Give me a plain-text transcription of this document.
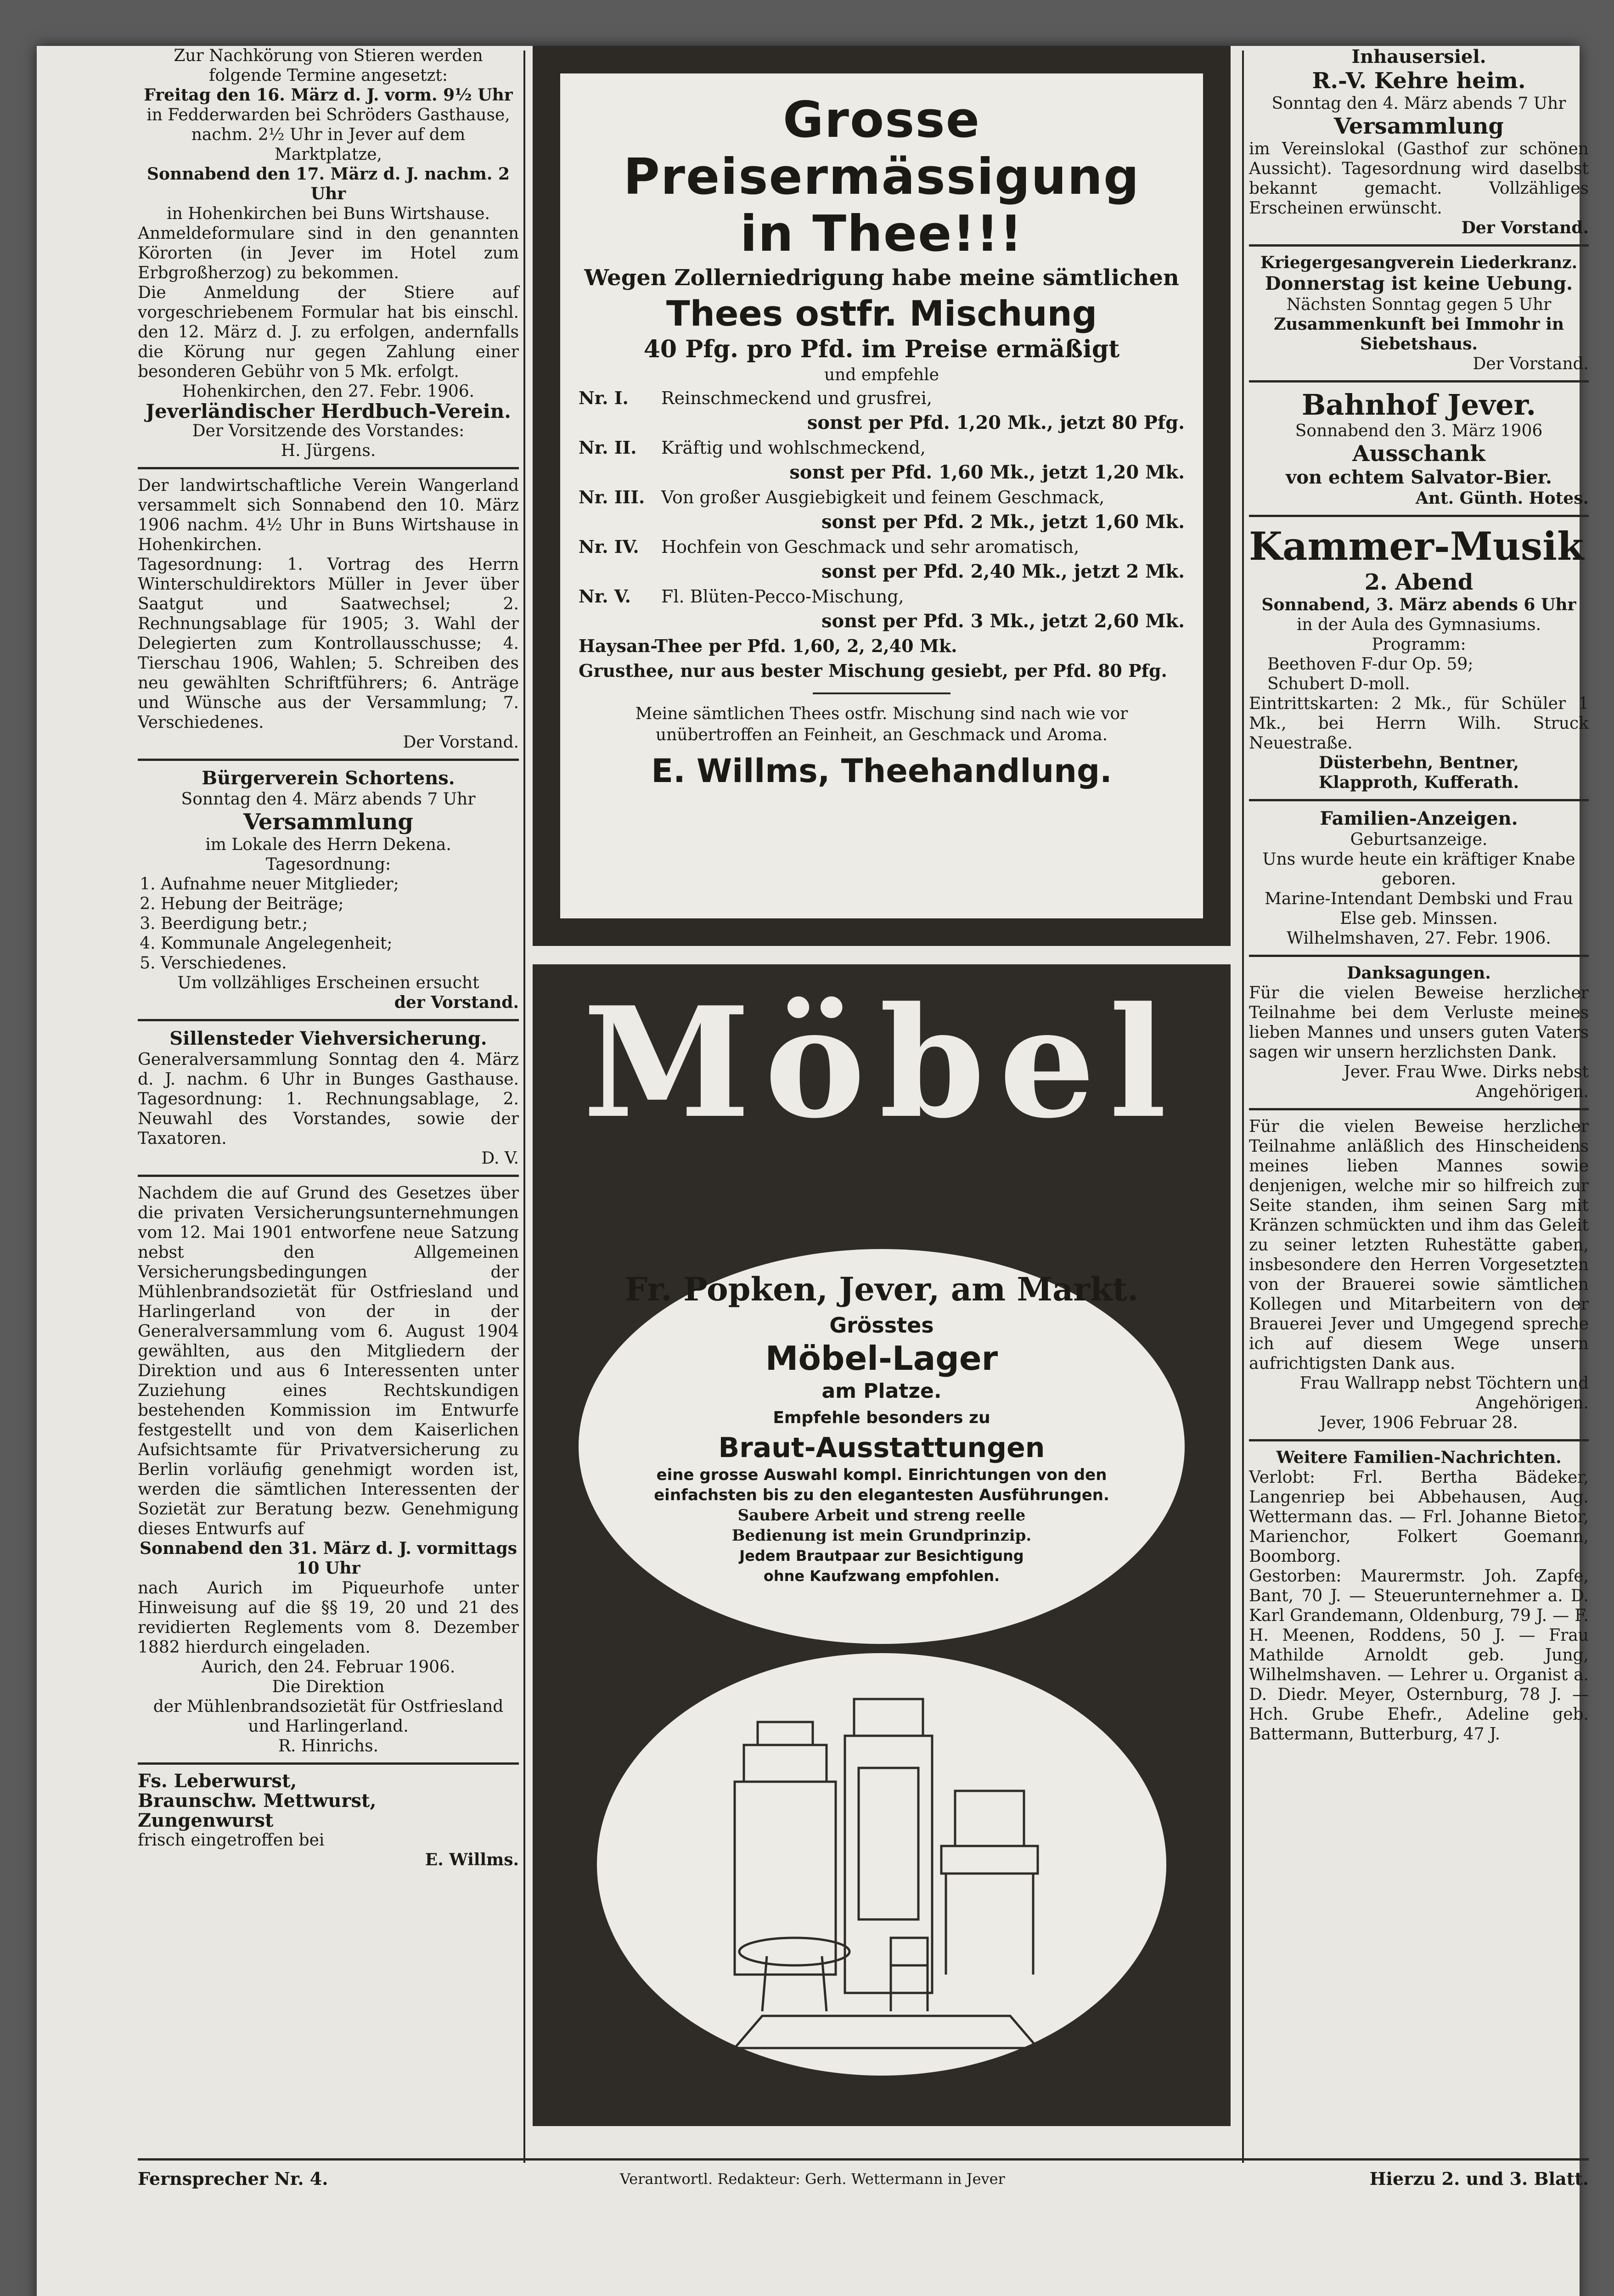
Zur Nachkörung von Stieren werden folgende Termine angesetzt:

Freitag den 16. März d. J. vorm. 9½ Uhr

in Fedderwarden bei Schröders Gasthause, nachm. 2½ Uhr in Jever auf dem Marktplatze,

Sonnabend den 17. März d. J. nachm. 2 Uhr

in Hohenkirchen bei Buns Wirtshause.

Anmeldeformulare sind in den genannten Körorten (in Jever im Hotel zum Erbgroßherzog) zu bekommen.

Die Anmeldung der Stiere auf vorgeschriebenem Formular hat bis einschl. den 12. März d. J. zu erfolgen, andernfalls die Körung nur gegen Zahlung einer besonderen Gebühr von 5 Mk. erfolgt.

Hohenkirchen, den 27. Febr. 1906.

Jeverländischer Herdbuch-Verein.

Der Vorsitzende des Vorstandes:

H. Jürgens.

Der landwirtschaftliche Verein Wangerland versammelt sich Sonnabend den 10. März 1906 nachm. 4½ Uhr in Buns Wirtshause in Hohenkirchen.

Tagesordnung: 1. Vortrag des Herrn Winterschuldirektors Müller in Jever über Saatgut und Saatwechsel; 2. Rechnungsablage für 1905; 3. Wahl der Delegierten zum Kontrollausschusse; 4. Tierschau 1906, Wahlen; 5. Schreiben des neu gewählten Schriftführers; 6. Anträge und Wünsche aus der Versammlung; 7. Verschiedenes.

Der Vorstand.

Bürgerverein Schortens.

Sonntag den 4. März abends 7 Uhr

Versammlung

im Lokale des Herrn Dekena.

Tagesordnung:

1. Aufnahme neuer Mitglieder;
2. Hebung der Beiträge;
3. Beerdigung betr.;
4. Kommunale Angelegenheit;
5. Verschiedenes.

Um vollzähliges Erscheinen ersucht

der Vorstand.

Sillensteder Viehversicherung.

Generalversammlung Sonntag den 4. März d. J. nachm. 6 Uhr in Bunges Gasthause. Tagesordnung: 1. Rechnungsablage, 2. Neuwahl des Vorstandes, sowie der Taxatoren.

D. V.

Nachdem die auf Grund des Gesetzes über die privaten Versicherungsunternehmungen vom 12. Mai 1901 entworfene neue Satzung nebst den Allgemeinen Versicherungsbedingungen der Mühlenbrandsozietät für Ostfriesland und Harlingerland von der in der Generalversammlung vom 6. August 1904 gewählten, aus den Mitgliedern der Direktion und aus 6 Interessenten unter Zuziehung eines Rechtskundigen bestehenden Kommission im Entwurfe festgestellt und von dem Kaiserlichen Aufsichtsamte für Privatversicherung zu Berlin vorläufig genehmigt worden ist, werden die sämtlichen Interessenten der Sozietät zur Beratung bezw. Genehmigung dieses Entwurfs auf

Sonnabend den 31. März d. J. vormittags 10 Uhr

nach Aurich im Piqueurhofe unter Hinweisung auf die §§ 19, 20 und 21 des revidierten Reglements vom 8. Dezember 1882 hierdurch eingeladen.

Aurich, den 24. Februar 1906.

Die Direktion

der Mühlenbrandsozietät für Ostfriesland und Harlingerland.

R. Hinrichs.

Fs. Leberwurst,

Braunschw. Mettwurst,

Zungenwurst

frisch eingetroffen bei

E. Willms.

Grosse Preisermässigung

in Thee!!!

Wegen Zollerniedrigung habe meine sämtlichen

Thees ostfr. Mischung

40 Pfg. pro Pfd. im Preise ermäßigt

und empfehle

Nr. I.	Reinschmeckend und grusfrei,

sonst per Pfd. 1,20 Mk., jetzt 80 Pfg.

Nr. II.	Kräftig und wohlschmeckend,

sonst per Pfd. 1,60 Mk., jetzt 1,20 Mk.

Nr. III. Von großer Ausgiebigkeit und feinem Geschmack,

sonst per Pfd. 2 Mk., jetzt 1,60 Mk.

Nr. IV.	Hochfein von Geschmack und sehr aromatisch,

sonst per Pfd. 2,40 Mk., jetzt 2 Mk.

Nr. V.	Fl. Blüten-Pecco-Mischung,

sonst per Pfd. 3 Mk., jetzt 2,60 Mk.

Haysan-Thee per Pfd. 1,60, 2, 2,40 Mk.

Grusthee, nur aus bester Mischung gesiebt, per Pfd. 80 Pfg.

Meine sämtlichen Thees ostfr. Mischung sind nach wie vor unübertroffen an Feinheit, an Geschmack und Aroma.

E. Willms, Theehandlung.

Möbel

Fr. Popken, Jever, am Markt.

Grösstes

Möbel-Lager

am Platze.

Empfehle besonders zu

Braut-Ausstattungen

eine grosse Auswahl kompl. Einrichtungen von den einfachsten bis zu den elegantesten Ausführungen.

Saubere Arbeit und streng reelle Bedienung ist mein Grundprinzip.

Jedem Brautpaar zur Besichtigung ohne Kaufzwang empfohlen.

Inhausersiel.

R.-V. Kehre heim.

Sonntag den 4. März abends 7 Uhr

Versammlung

im Vereinslokal (Gasthof zur schönen Aussicht). Tagesordnung wird daselbst bekannt gemacht. Vollzähliges Erscheinen erwünscht.

Der Vorstand.

Kriegergesangverein Liederkranz.

Donnerstag ist keine Uebung.

Nächsten Sonntag gegen 5 Uhr

Zusammenkunft bei Immohr in Siebetshaus.

Der Vorstand.

Bahnhof Jever.

Sonnabend den 3. März 1906

Ausschank

von echtem Salvator-Bier.

Ant. Günth. Hotes.

Kammer-Musik

2. Abend

Sonnabend, 3. März abends 6 Uhr

in der Aula des Gymnasiums.

Programm:

Beethoven F-dur Op. 59;

Schubert D-moll.

Eintrittskarten: 2 Mk., für Schüler 1 Mk., bei Herrn Wilh. Struck Neuestraße.

Düsterbehn, Bentner,

Klapproth, Kufferath.

Familien-Anzeigen.

Geburtsanzeige.

Uns wurde heute ein kräftiger Knabe geboren.

Marine-Intendant Dembski und Frau Else geb. Minssen.

Wilhelmshaven, 27. Febr. 1906.

Danksagungen.

Für die vielen Beweise herzlicher Teilnahme bei dem Verluste meines lieben Mannes und unsers guten Vaters sagen wir unsern herzlichsten Dank.

Jever. Frau Wwe. Dirks nebst Angehörigen.

Für die vielen Beweise herzlicher Teilnahme anläßlich des Hinscheidens meines lieben Mannes sowie denjenigen, welche mir so hilfreich zur Seite standen, ihm seinen Sarg mit Kränzen schmückten und ihm das Geleit zu seiner letzten Ruhestätte gaben, insbesondere den Herren Vorgesetzten von der Brauerei sowie sämtlichen Kollegen und Mitarbeitern von der Brauerei Jever und Umgegend spreche ich auf diesem Wege unsern aufrichtigsten Dank aus.

Frau Wallrapp nebst Töchtern und Angehörigen.

Jever, 1906 Februar 28.

Weitere Familien-Nachrichten.

Verlobt: Frl. Bertha Bädeker, Langenriep bei Abbehausen, Aug. Wettermann das. — Frl. Johanne Bietor, Marienchor, Folkert Goemann, Boomborg.

Gestorben: Maurermstr. Joh. Zapfe, Bant, 70 J. — Steuerunternehmer a. D. Karl Grandemann, Oldenburg, 79 J. — F. H. Meenen, Roddens, 50 J. — Frau Mathilde Arnoldt geb. Jung, Wilhelmshaven. — Lehrer u. Organist a. D. Diedr. Meyer, Osternburg, 78 J. — Hch. Grube Ehefr., Adeline geb. Battermann, Butterburg, 47 J.

Fernsprecher Nr. 4.	Verantwortl. Redakteur: Gerh. Wettermann in Jever	Hierzu 2. und 3. Blatt.
